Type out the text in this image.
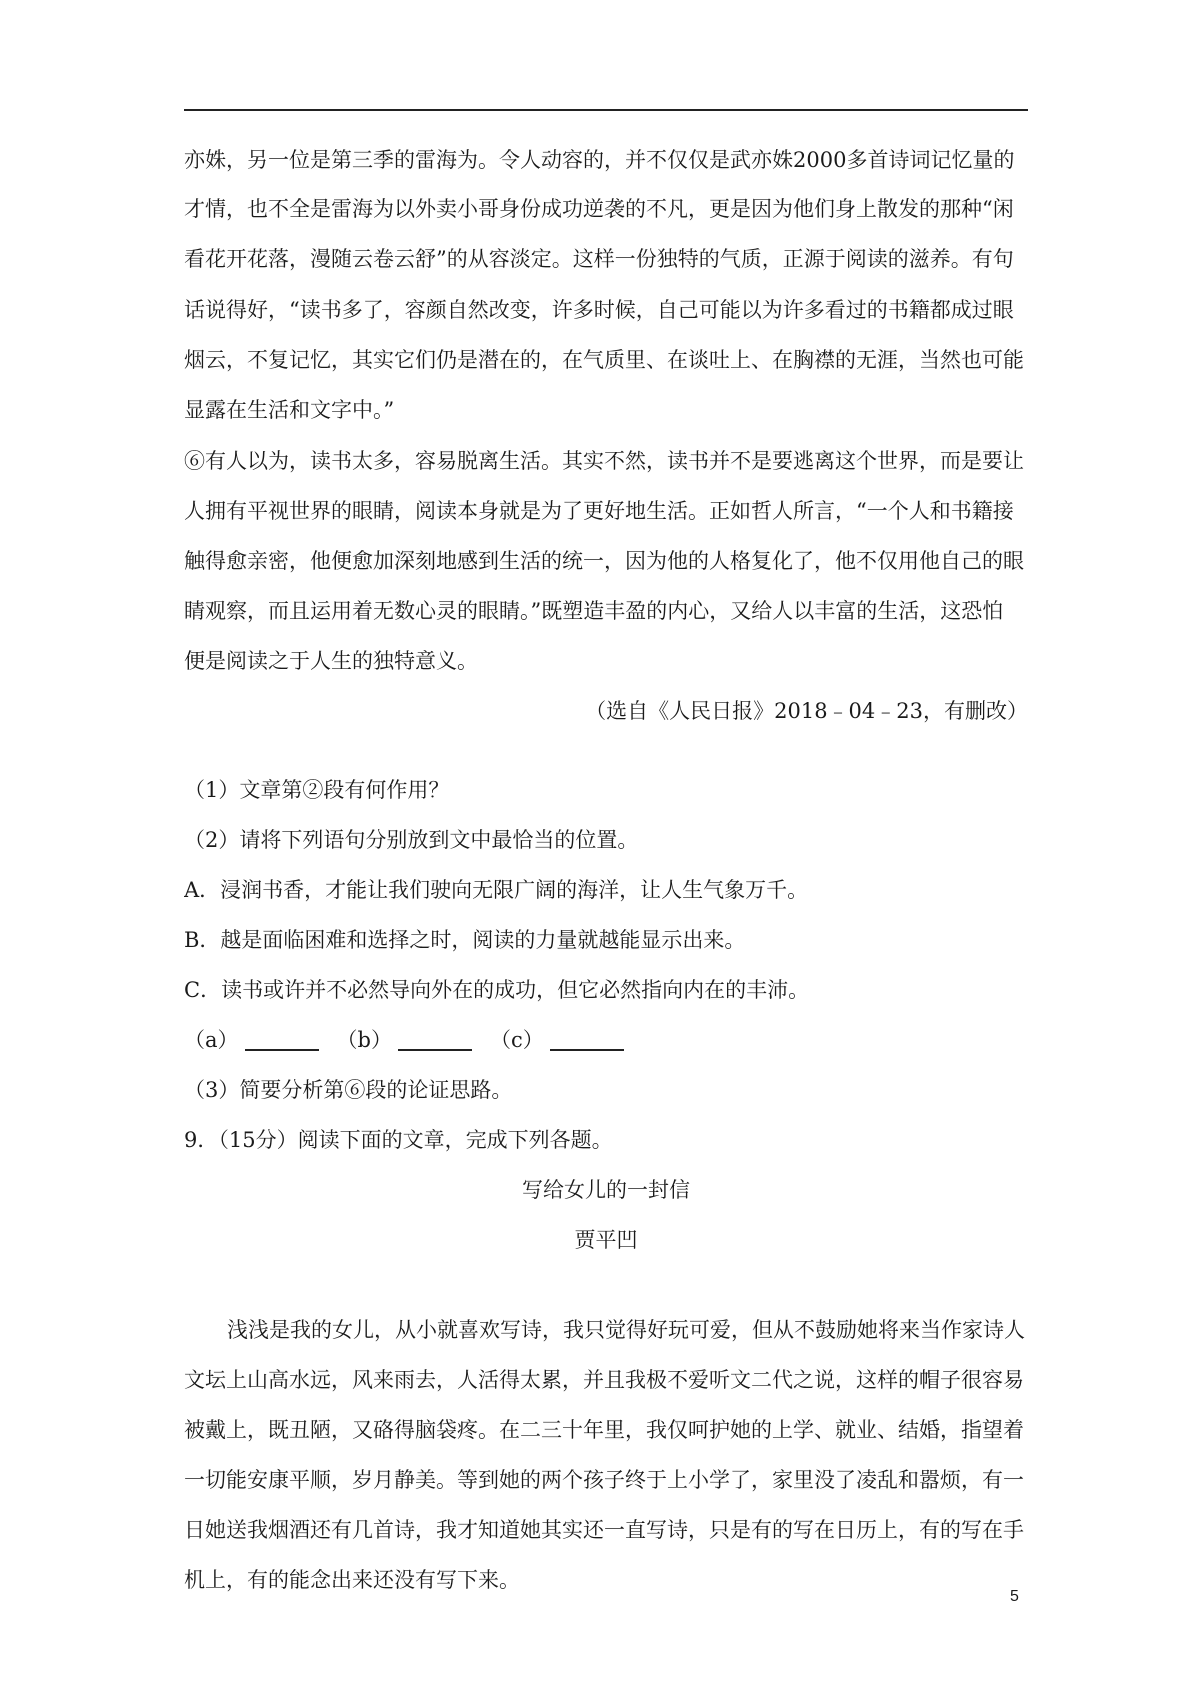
亦姝，另一位是第三季的雷海为。令人动容的，并不仅仅是武亦姝2000多首诗词记忆量的
才情，也不全是雷海为以外卖小哥身份成功逆袭的不凡，更是因为他们身上散发的那种“闲
看花开花落，漫随云卷云舒”的从容淡定。这样一份独特的气质，正源于阅读的滋养。有句
话说得好，“读书多了，容颜自然改变，许多时候，自己可能以为许多看过的书籍都成过眼
烟云，不复记忆，其实它们仍是潜在的，在气质里、在谈吐上、在胸襟的无涯，当然也可能
显露在生活和文字中。”
⑥有人以为，读书太多，容易脱离生活。其实不然，读书并不是要逃离这个世界，而是要让
人拥有平视世界的眼睛，阅读本身就是为了更好地生活。正如哲人所言，“一个人和书籍接
触得愈亲密，他便愈加深刻地感到生活的统一，因为他的人格复化了，他不仅用他自己的眼
睛观察，而且运用着无数心灵的眼睛。”既塑造丰盈的内心，又给人以丰富的生活，这恐怕
便是阅读之于人生的独特意义。
（选自《人民日报》2018﹣04﹣23，有删改）
（1）文章第②段有何作用？
（2）请将下列语句分别放到文中最恰当的位置。
A．浸润书香，才能让我们驶向无限广阔的海洋，让人生气象万千。
B．越是面临困难和选择之时，阅读的力量就越能显示出来。
C．读书或许并不必然导向外在的成功，但它必然指向内在的丰沛。
（a）	（b）	（c）
（3）简要分析第⑥段的论证思路。
9．（15分）阅读下面的文章，完成下列各题。
写给女儿的一封信
贾平凹
浅浅是我的女儿，从小就喜欢写诗，我只觉得好玩可爱，但从不鼓励她将来当作家诗人
文坛上山高水远，风来雨去，人活得太累，并且我极不爱听文二代之说，这样的帽子很容易
被戴上，既丑陋，又硌得脑袋疼。在二三十年里，我仅呵护她的上学、就业、结婚，指望着
一切能安康平顺，岁月静美。等到她的两个孩子终于上小学了，家里没了凌乱和嚣烦，有一
日她送我烟酒还有几首诗，我才知道她其实还一直写诗，只是有的写在日历上，有的写在手
机上，有的能念出来还没有写下来。
5
